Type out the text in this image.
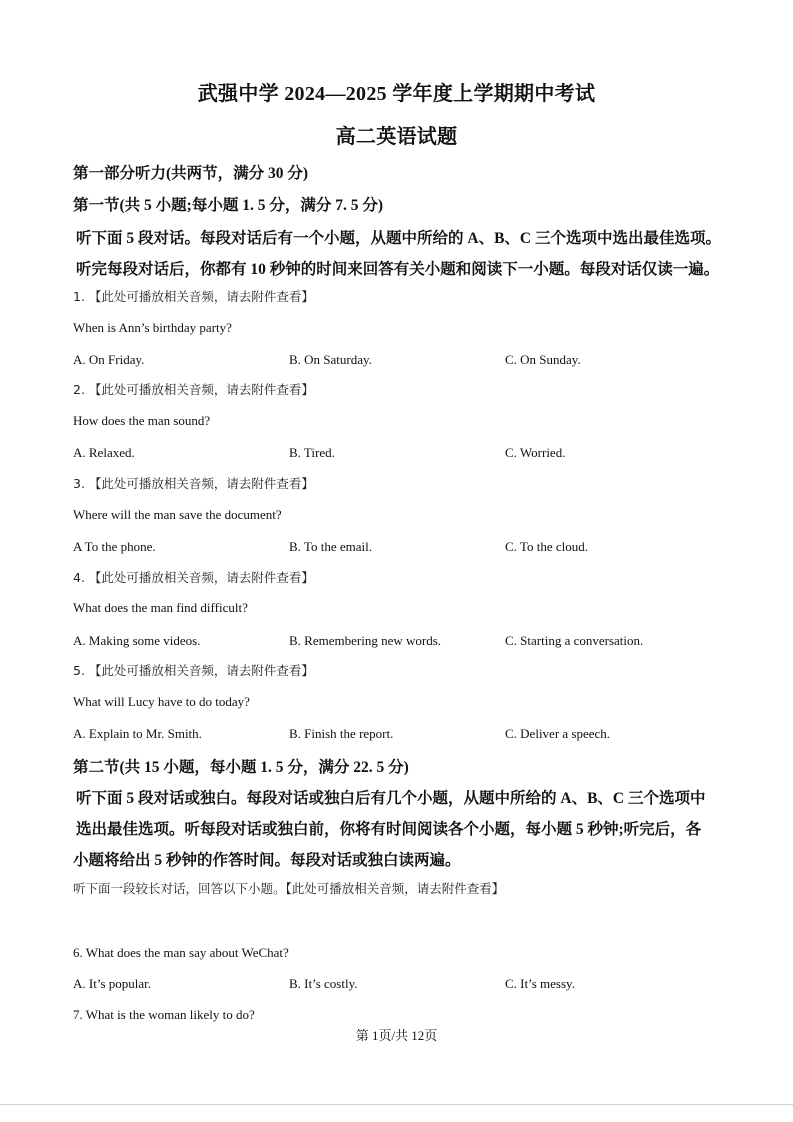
武强中学 2024—2025 学年度上学期期中考试
高二英语试题
第一部分听力(共两节，满分 30 分)
第一节(共 5 小题;每小题 1. 5 分，满分 7. 5 分)
听下面 5 段对话。每段对话后有一个小题，从题中所给的 A、B、C 三个选项中选出最佳选项。
听完每段对话后，你都有 10 秒钟的时间来回答有关小题和阅读下一小题。每段对话仅读一遍。
1. 【此处可播放相关音频，请去附件查看】
When is Ann’s birthday party?
A. On Friday.	B. On Saturday.	C. On Sunday.
2. 【此处可播放相关音频，请去附件查看】
How does the man sound?
A. Relaxed.	B. Tired.	C. Worried.
3. 【此处可播放相关音频，请去附件查看】
Where will the man save the document?
A To the phone.	B. To the email.	C. To the cloud.
4. 【此处可播放相关音频，请去附件查看】
What does the man find difficult?
A. Making some videos.	B. Remembering new words.	C. Starting a conversation.
5. 【此处可播放相关音频，请去附件查看】
What will Lucy have to do today?
A. Explain to Mr. Smith.	B. Finish the report.	C. Deliver a speech.
第二节(共 15 小题，每小题 1. 5 分，满分 22. 5 分)
听下面 5 段对话或独白。每段对话或独白后有几个小题，从题中所给的 A、B、C 三个选项中
选出最佳选项。听每段对话或独白前，你将有时间阅读各个小题，每小题 5 秒钟;听完后，各
小题将给出 5 秒钟的作答时间。每段对话或独白读两遍。
听下面一段较长对话，回答以下小题。【此处可播放相关音频，请去附件查看】
6. What does the man say about WeChat?
A. It’s popular.	B. It’s costly.	C. It’s messy.
7. What is the woman likely to do?
第 1页/共 12页
